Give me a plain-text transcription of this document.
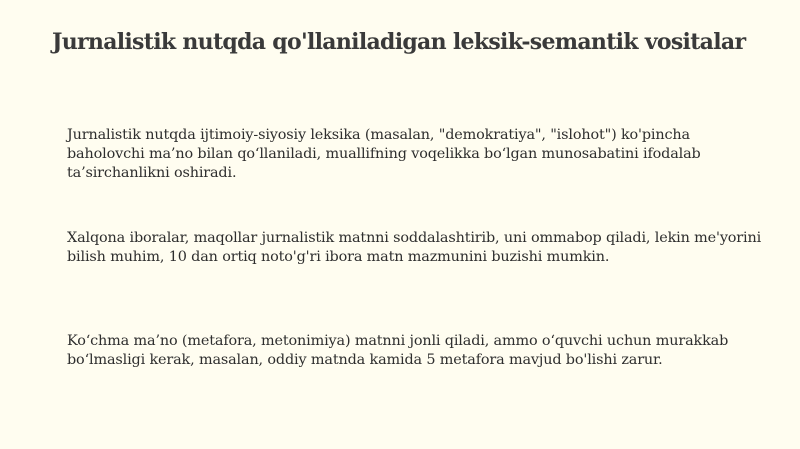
Jurnalistik nutqda qo'llaniladigan leksik-semantik vositalar

Jurnalistik nutqda ijtimoiy-siyosiy leksika (masalan, "demokratiya", "islohot") ko'pincha baholovchi ma’no bilan qo‘llaniladi, muallifning voqelikka bo‘lgan munosabatini ifodalab ta’sirchanlikni oshiradi.

Xalqona iboralar, maqollar jurnalistik matnni soddalashtirib, uni ommabop qiladi, lekin me'yorini bilish muhim, 10 dan ortiq noto'g'ri ibora matn mazmunini buzishi mumkin.

Ko‘chma ma’no (metafora, metonimiya) matnni jonli qiladi, ammo o‘quvchi uchun murakkab bo‘lmasligi kerak, masalan, oddiy matnda kamida 5 metafora mavjud bo'lishi zarur.
